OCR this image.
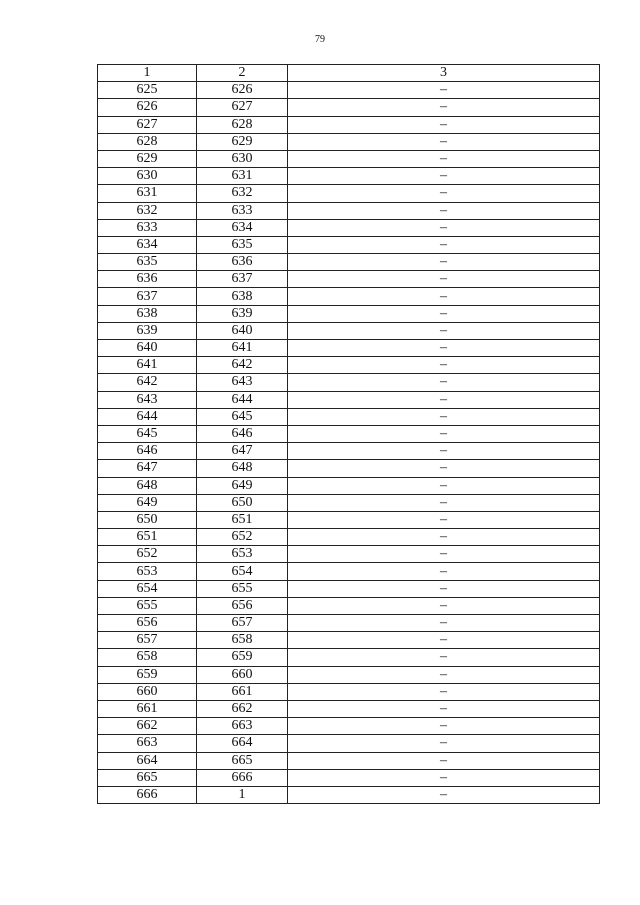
79
1	2	3
625	626	–
626	627	–
627	628	–
628	629	–
629	630	–
630	631	–
631	632	–
632	633	–
633	634	–
634	635	–
635	636	–
636	637	–
637	638	–
638	639	–
639	640	–
640	641	–
641	642	–
642	643	–
643	644	–
644	645	–
645	646	–
646	647	–
647	648	–
648	649	–
649	650	–
650	651	–
651	652	–
652	653	–
653	654	–
654	655	–
655	656	–
656	657	–
657	658	–
658	659	–
659	660	–
660	661	–
661	662	–
662	663	–
663	664	–
664	665	–
665	666	–
666	1	–
